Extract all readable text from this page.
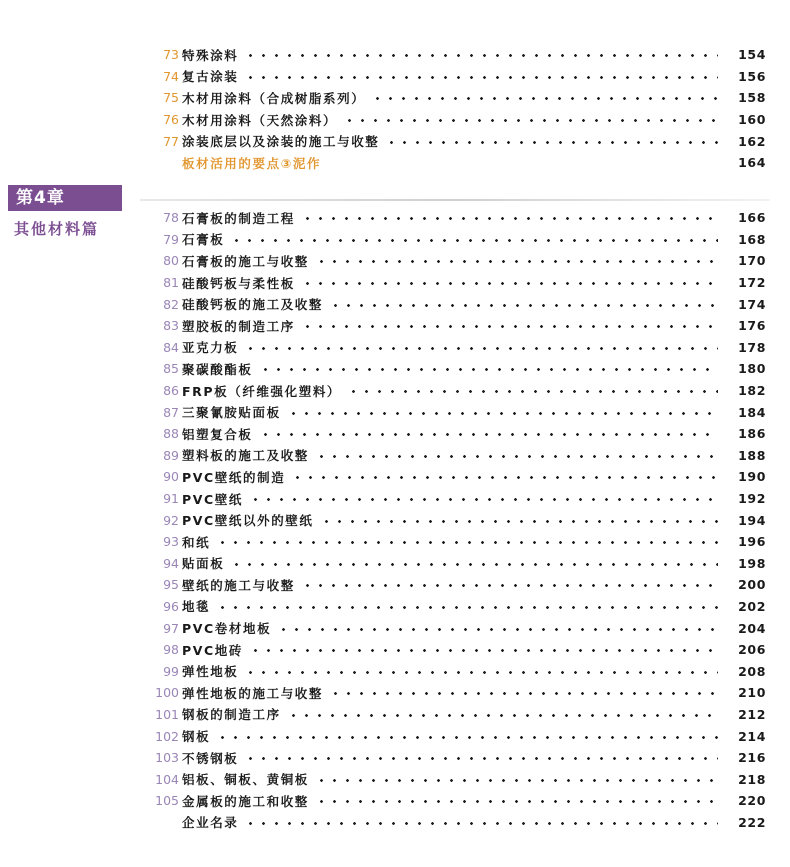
73 特殊涂料	154
74 复古涂装	156
75 木材用涂料（合成树脂系列）	158
76 木材用涂料（天然涂料）	160
77 涂装底层以及涂装的施工与收整	162
板材活用的要点③泥作	164
第4章
其他材料篇
78 石膏板的制造工程	166
79 石膏板	168
80 石膏板的施工与收整	170
81 硅酸钙板与柔性板	172
82 硅酸钙板的施工及收整	174
83 塑胶板的制造工序	176
84 亚克力板	178
85 聚碳酸酯板	180
86 FRP板（纤维强化塑料）	182
87 三聚氰胺贴面板	184
88 铝塑复合板	186
89 塑料板的施工及收整	188
90 PVC壁纸的制造	190
91 PVC壁纸	192
92 PVC壁纸以外的壁纸	194
93 和纸	196
94 贴面板	198
95 壁纸的施工与收整	200
96 地毯	202
97 PVC卷材地板	204
98 PVC地砖	206
99 弹性地板	208
100 弹性地板的施工与收整	210
101 钢板的制造工序	212
102 钢板	214
103 不锈钢板	216
104 铝板、铜板、黄铜板	218
105 金属板的施工和收整	220
企业名录	222
